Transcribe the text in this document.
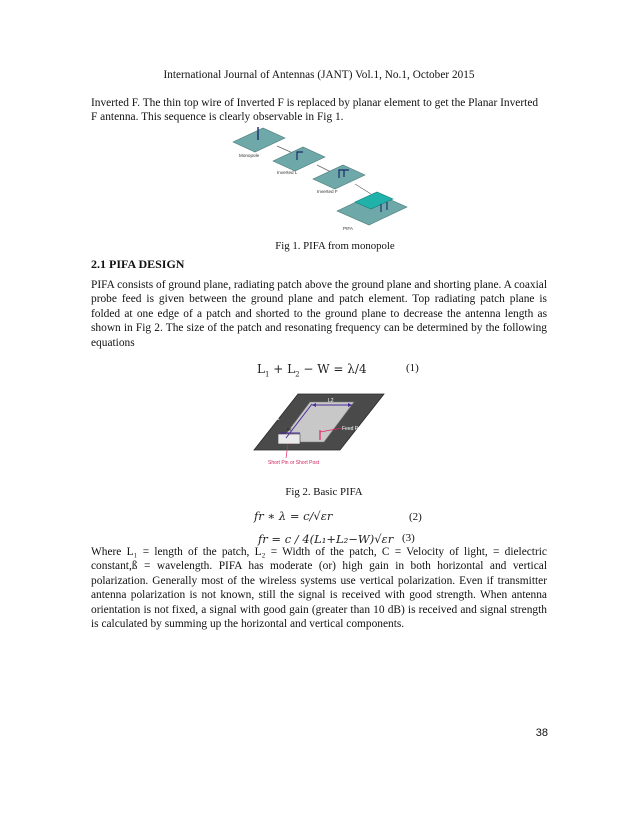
International Journal of Antennas (JANT) Vol.1, No.1, October 2015
Inverted F. The thin top wire of Inverted F is replaced by planar element to get the Planar Inverted F antenna. This sequence is clearly observable in Fig 1.
Monopole
Inverted L
Inverted F
PIFA
Fig 1. PIFA from monopole
2.1 PIFA DESIGN
PIFA consists of ground plane, radiating patch above the ground plane and shorting plane. A coaxial probe feed is given between the ground plane and patch element. Top radiating patch plane is folded at one edge of a patch and shorted to the ground plane to decrease the antenna length as shown in Fig 2. The size of the patch and resonating frequency can be determined by the following equations
$L_1 + L_2 - W = \lambda/4$	(1)
L2
L1
W	Feed Point
Short Pin or Short Post
Fig 2. Basic PIFA
fr ∗ λ = c/√εr	(2)
fr = c / 4(L₁+L₂−W)√εr (3)
Where L₁ = length of the patch, L₂ = Width of the patch, C = Velocity of light, = dielectric constant,ß = wavelength. PIFA has moderate (or) high gain in both horizontal and vertical polarization. Generally most of the wireless systems use vertical polarization. Even if transmitter antenna polarization is not known, still the signal is received with good strength. When antenna orientation is not fixed, a signal with good gain (greater than 10 dB) is received and signal strength is calculated by summing up the horizontal and vertical components.
38
